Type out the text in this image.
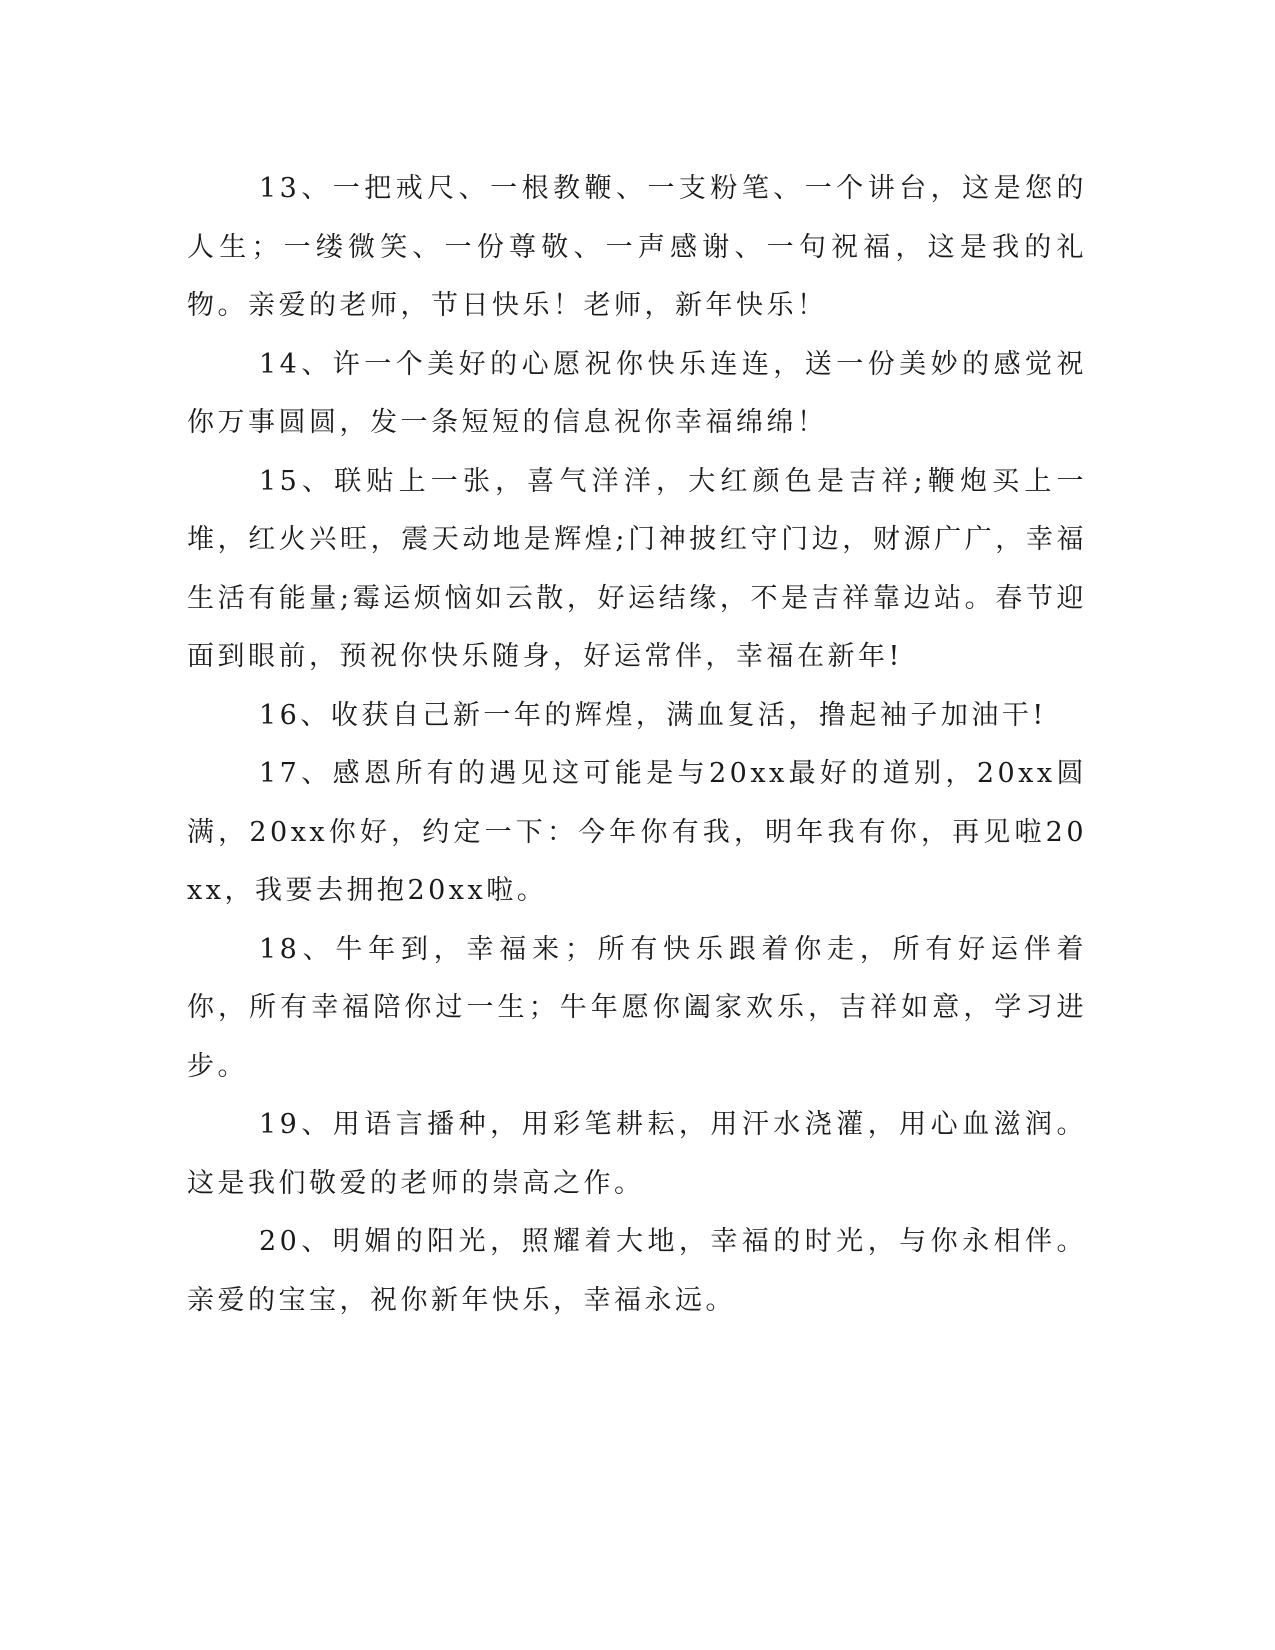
13、一把戒尺、一根教鞭、一支粉笔、一个讲台，这是您的人生；一缕微笑、一份尊敬、一声感谢、一句祝福，这是我的礼物。亲爱的老师，节日快乐！老师，新年快乐！

14、许一个美好的心愿祝你快乐连连，送一份美妙的感觉祝你万事圆圆，发一条短短的信息祝你幸福绵绵！

15、联贴上一张，喜气洋洋，大红颜色是吉祥;鞭炮买上一堆，红火兴旺，震天动地是辉煌;门神披红守门边，财源广广，幸福生活有能量;霉运烦恼如云散，好运结缘，不是吉祥靠边站。春节迎面到眼前，预祝你快乐随身，好运常伴，幸福在新年!

16、收获自己新一年的辉煌，满血复活，撸起袖子加油干!

17、感恩所有的遇见这可能是与20xx最好的道别，20xx圆满，20xx你好，约定一下：今年你有我，明年我有你，再见啦20xx，我要去拥抱20xx啦。

18、牛年到，幸福来；所有快乐跟着你走，所有好运伴着你，所有幸福陪你过一生；牛年愿你阖家欢乐，吉祥如意，学习进步。

19、用语言播种，用彩笔耕耘，用汗水浇灌，用心血滋润。这是我们敬爱的老师的崇高之作。

20、明媚的阳光，照耀着大地，幸福的时光，与你永相伴。亲爱的宝宝，祝你新年快乐，幸福永远。
